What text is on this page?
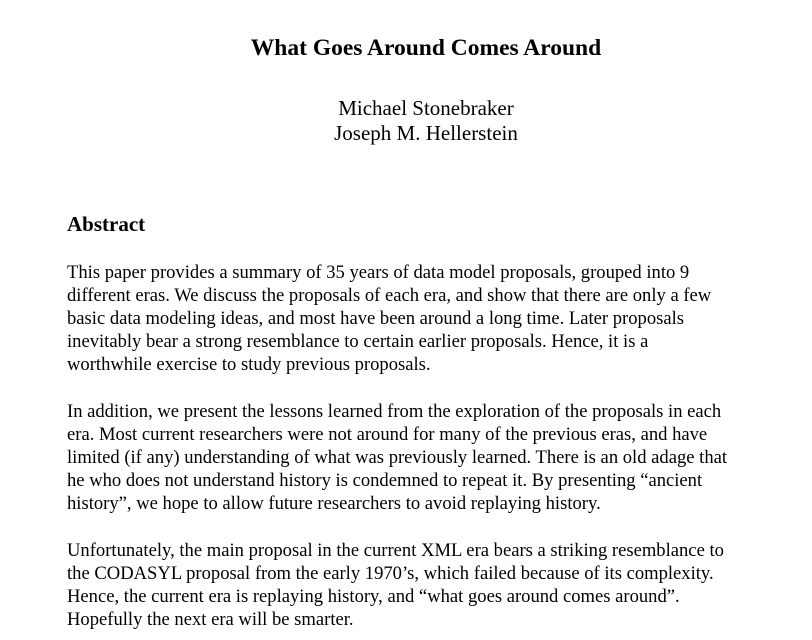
What Goes Around Comes Around
Michael Stonebraker
Joseph M. Hellerstein
Abstract
This paper provides a summary of 35 years of data model proposals, grouped into 9
different eras. We discuss the proposals of each era, and show that there are only a few
basic data modeling ideas, and most have been around a long time. Later proposals
inevitably bear a strong resemblance to certain earlier proposals. Hence, it is a
worthwhile exercise to study previous proposals.
In addition, we present the lessons learned from the exploration of the proposals in each
era. Most current researchers were not around for many of the previous eras, and have
limited (if any) understanding of what was previously learned. There is an old adage that
he who does not understand history is condemned to repeat it. By presenting “ancient
history”, we hope to allow future researchers to avoid replaying history.
Unfortunately, the main proposal in the current XML era bears a striking resemblance to
the CODASYL proposal from the early 1970’s, which failed because of its complexity.
Hence, the current era is replaying history, and “what goes around comes around”.
Hopefully the next era will be smarter.
